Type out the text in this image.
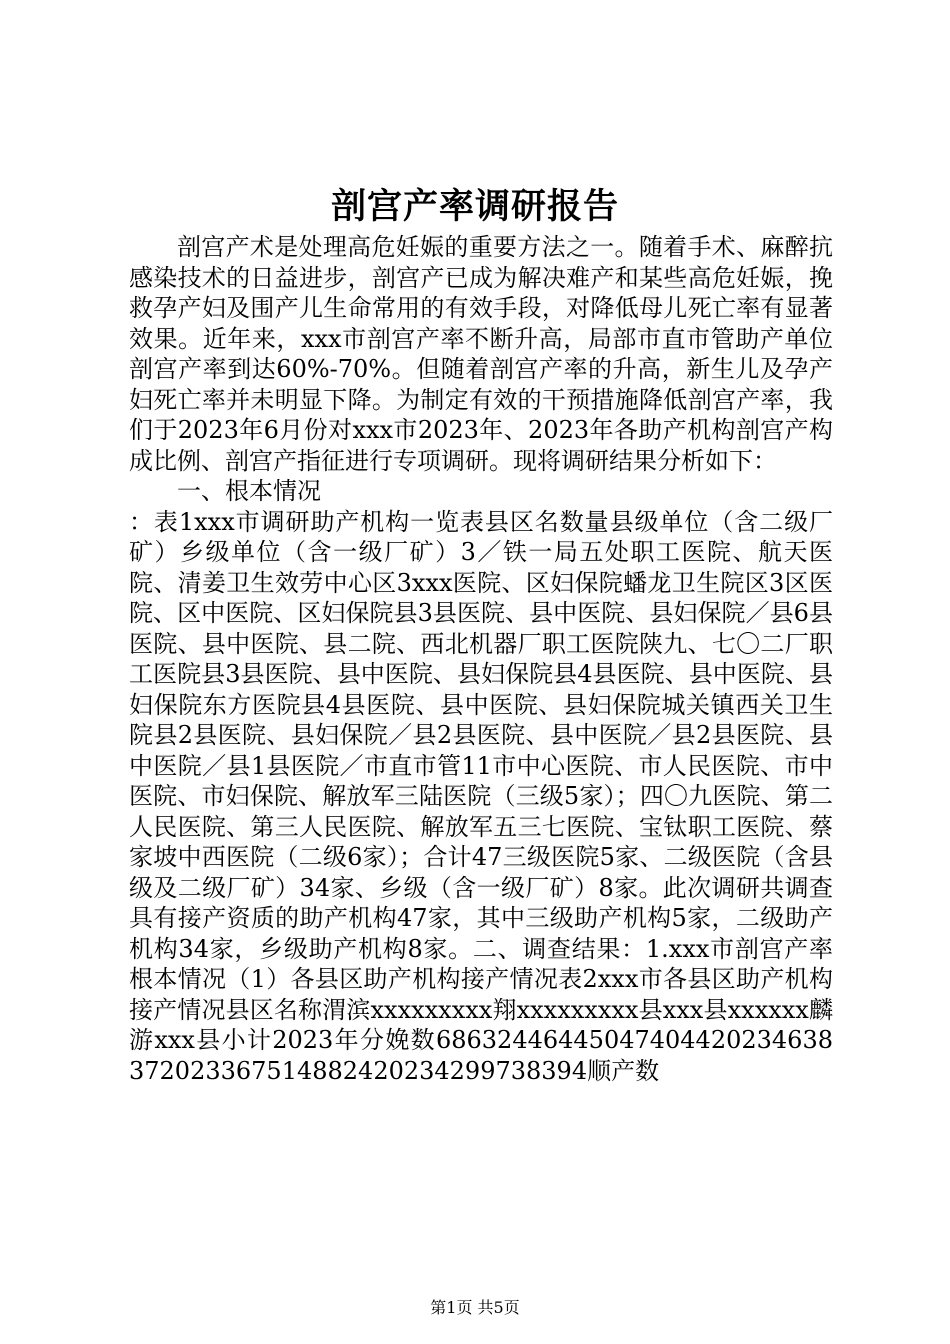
剖宫产率调研报告

剖宫产术是处理高危妊娠的重要方法之一。随着手术、麻醉抗感染技术的日益进步，剖宫产已成为解决难产和某些高危妊娠，挽救孕产妇及围产儿生命常用的有效手段，对降低母儿死亡率有显著效果。近年来，xxx市剖宫产率不断升高，局部市直市管助产单位剖宫产率到达60%-70%。但随着剖宫产率的升高，新生儿及孕产妇死亡率并未明显下降。为制定有效的干预措施降低剖宫产率，我们于2023年6月份对xxx市2023年、2023年各助产机构剖宫产构成比例、剖宫产指征进行专项调研。现将调研结果分析如下：

一、根本情况

：表1xxx市调研助产机构一览表县区名数量县级单位（含二级厂矿）乡级单位（含一级厂矿）3／铁一局五处职工医院、航天医院、清姜卫生效劳中心区3xxx医院、区妇保院蟠龙卫生院区3区医院、区中医院、区妇保院县3县医院、县中医院、县妇保院／县6县医院、县中医院、县二院、西北机器厂职工医院陕九、七〇二厂职工医院县3县医院、县中医院、县妇保院县4县医院、县中医院、县妇保院东方医院县4县医院、县中医院、县妇保院城关镇西关卫生院县2县医院、县妇保院／县2县医院、县中医院／县2县医院、县中医院／县1县医院／市直市管11市中心医院、市人民医院、市中医院、市妇保院、解放军三陆医院（三级5家）；四〇九医院、第二人民医院、第三人民医院、解放军五三七医院、宝钛职工医院、蔡家坡中西医院（二级6家）；合计47三级医院5家、二级医院（含县级及二级厂矿）34家、乡级（含一级厂矿）8家。此次调研共调查具有接产资质的助产机构47家，其中三级助产机构5家，二级助产机构34家，乡级助产机构8家。二、调查结果：1.xxx市剖宫产率根本情况（1）各县区助产机构接产情况表2xxx市各县区助产机构接产情况县区名称渭滨xxxxxxxxx翔xxxxxxxxx县xxx县xxxxxx麟游xxx县小计2023年分娩数68632446445047404420234638372023367514882420234299738394顺产数

第1页 共5页
